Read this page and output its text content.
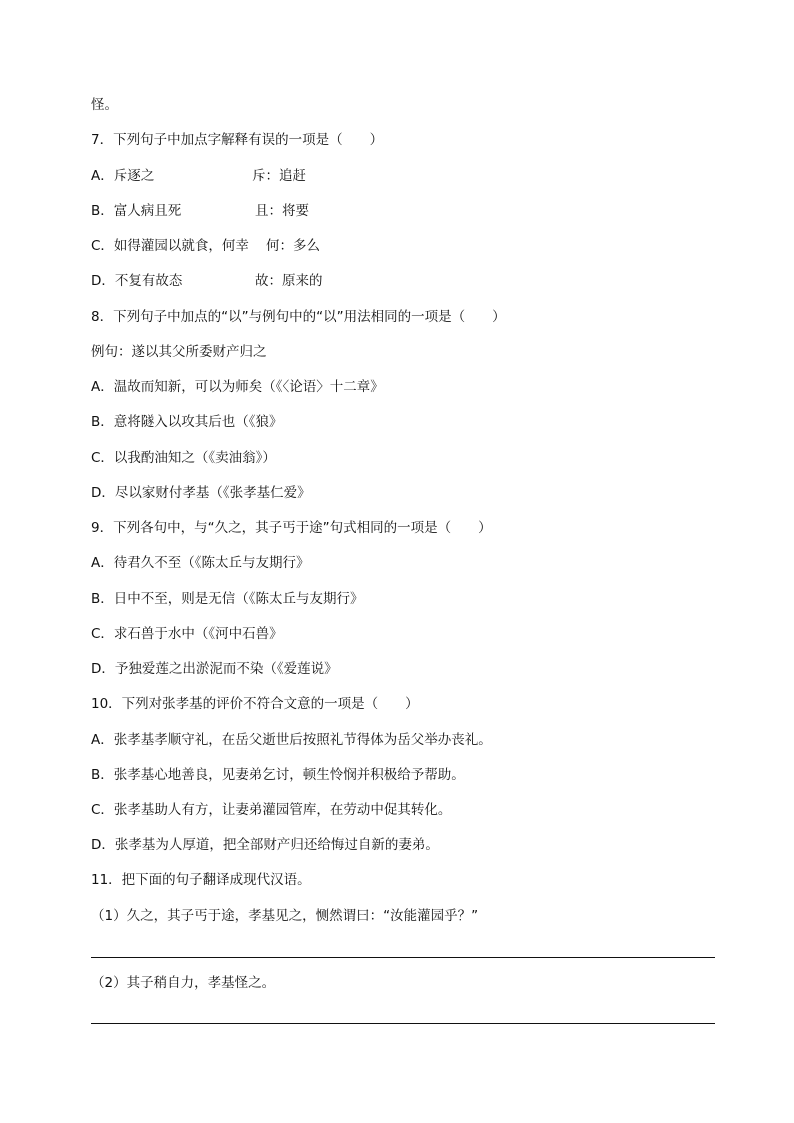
怪。
7．下列句子中加点字解释有误的一项是（　　）
A．斥逐之	斥：追赶
B．富人病且死	且：将要
C．如得灌园以就食，何幸 何：多么
D．不复有故态	故：原来的
8．下列句子中加点的“以”与例句中的“以”用法相同的一项是（　　）
例句：遂以其父所委财产归之
A．温故而知新，可以为师矣（《〈论语〉十二章》
B．意将隧入以攻其后也（《狼》
C．以我酌油知之（《卖油翁》）
D．尽以家财付孝基（《张孝基仁爱》
9．下列各句中，与“久之，其子丐于途”句式相同的一项是（　　）
A．待君久不至（《陈太丘与友期行》
B．日中不至，则是无信（《陈太丘与友期行》
C．求石兽于水中（《河中石兽》
D．予独爱莲之出淤泥而不染（《爱莲说》
10．下列对张孝基的评价不符合文意的一项是（　　）
A．张孝基孝顺守礼，在岳父逝世后按照礼节得体为岳父举办丧礼。
B．张孝基心地善良，见妻弟乞讨，顿生怜悯并积极给予帮助。
C．张孝基助人有方，让妻弟灌园管库，在劳动中促其转化。
D．张孝基为人厚道，把全部财产归还给悔过自新的妻弟。
11．把下面的句子翻译成现代汉语。
（1）久之，其子丐于途，孝基见之，恻然谓曰：“汝能灌园乎？”
（2）其子稍自力，孝基怪之。
